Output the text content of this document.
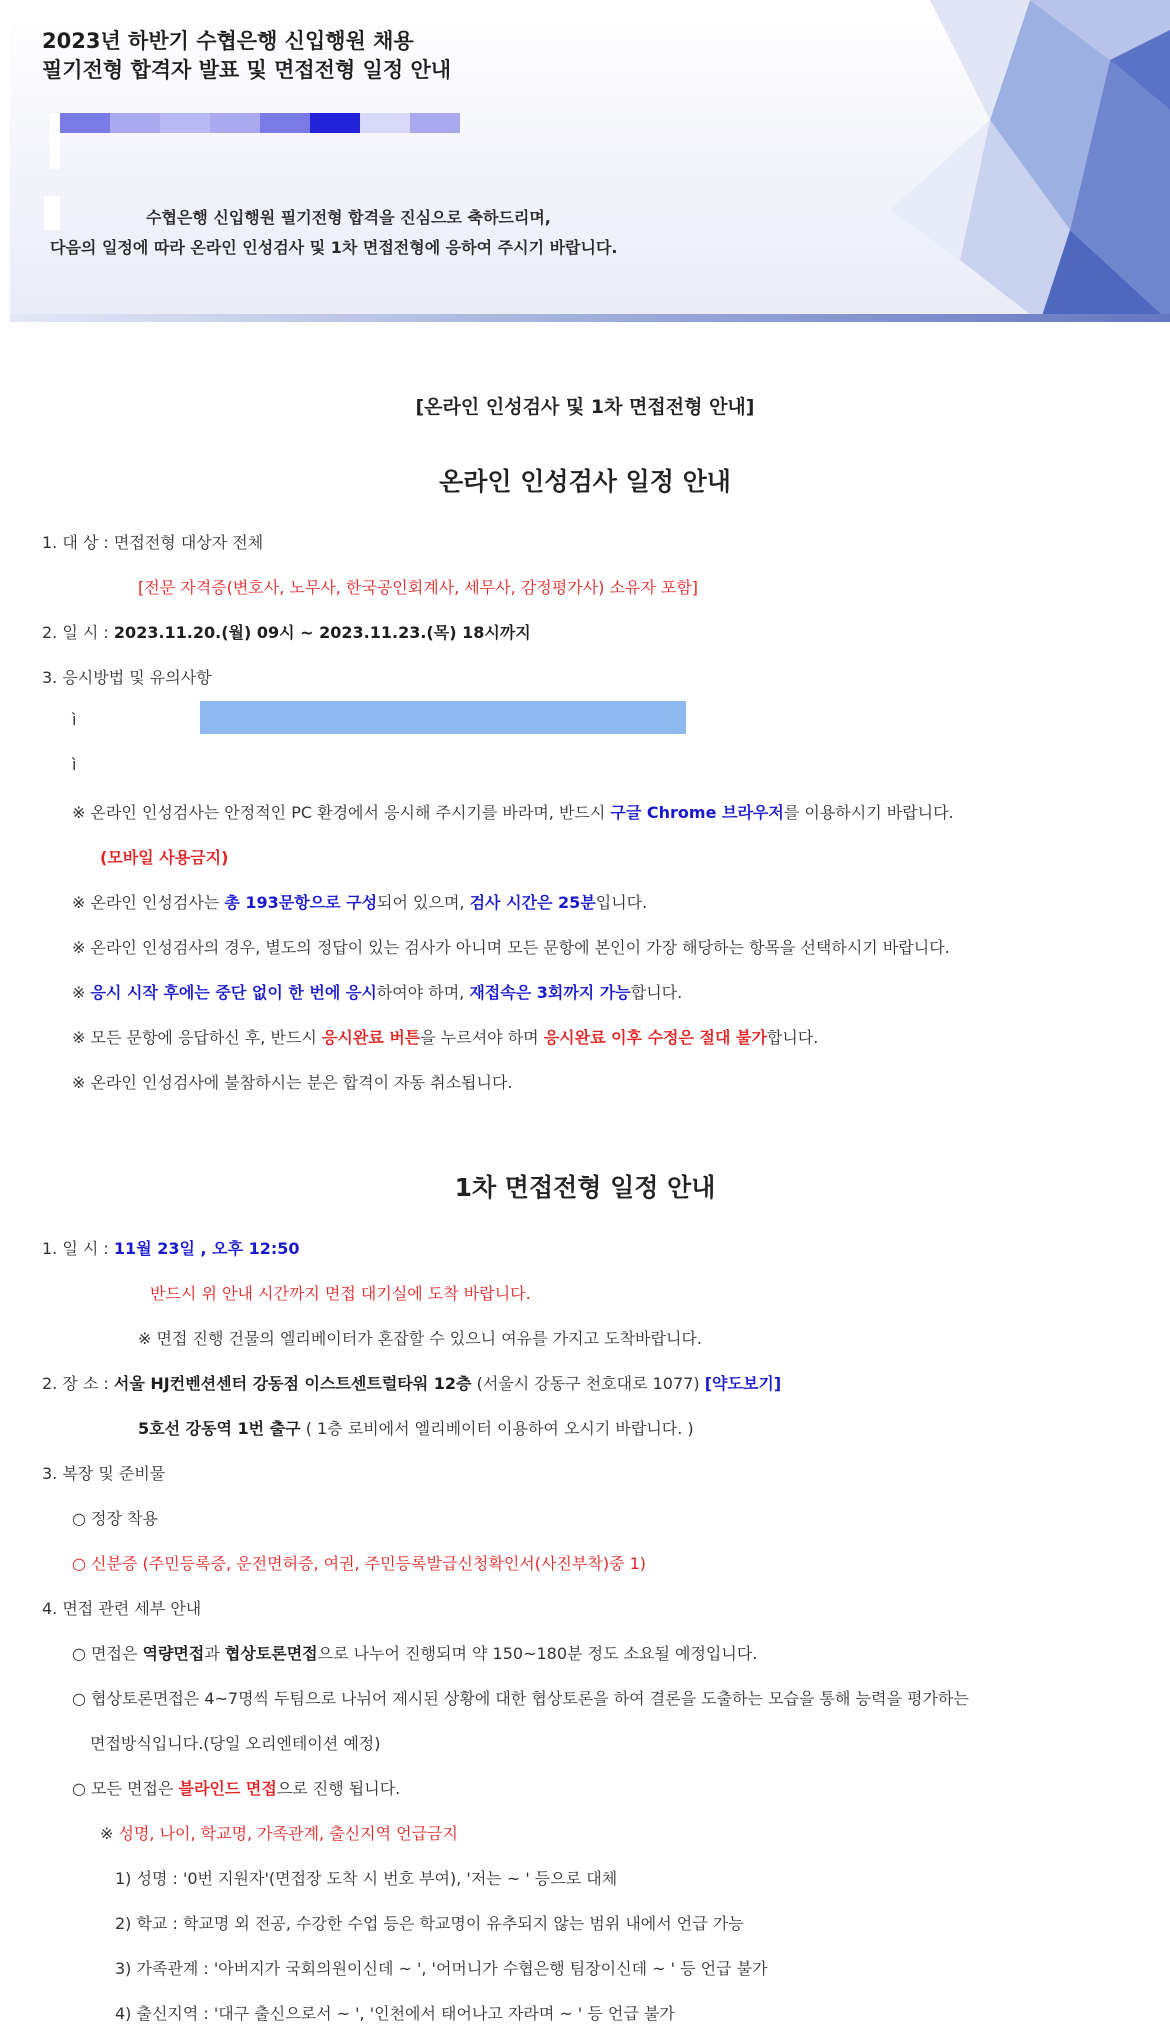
2023년 하반기 수협은행 신입행원 채용
필기전형 합격자 발표 및 면접전형 일정 안내

수협은행 신입행원 필기전형 합격을 진심으로 축하드리며,

다음의 일정에 따라 온라인 인성검사 및 1차 면접전형에 응하여 주시기 바랍니다.

[온라인 인성검사 및 1차 면접전형 안내]

온라인 인성검사 일정 안내

1. 대 상 : 면접전형 대상자 전체

[전문 자격증(변호사, 노무사, 한국공인회계사, 세무사, 감정평가사) 소유자 포함]

2. 일 시 : 2023.11.20.(월) 09시 ~ 2023.11.23.(목) 18시까지

3. 응시방법 및 유의사항

ì

ì

※ 온라인 인성검사는 안정적인 PC 환경에서 응시해 주시기를 바라며, 반드시 구글 Chrome 브라우저를 이용하시기 바랍니다.

(모바일 사용금지)

※ 온라인 인성검사는 총 193문항으로 구성되어 있으며, 검사 시간은 25분입니다.

※ 온라인 인성검사의 경우, 별도의 정답이 있는 검사가 아니며 모든 문항에 본인이 가장 해당하는 항목을 선택하시기 바랍니다.

※ 응시 시작 후에는 중단 없이 한 번에 응시하여야 하며, 재접속은 3회까지 가능합니다.

※ 모든 문항에 응답하신 후, 반드시 응시완료 버튼을 누르셔야 하며 응시완료 이후 수정은 절대 불가합니다.

※ 온라인 인성검사에 불참하시는 분은 합격이 자동 취소됩니다.

1차 면접전형 일정 안내

1. 일 시 : 11월 23일 , 오후 12:50

반드시 위 안내 시간까지 면접 대기실에 도착 바랍니다.

※ 면접 진행 건물의 엘리베이터가 혼잡할 수 있으니 여유를 가지고 도착바랍니다.

2. 장 소 : 서울 HJ컨벤션센터 강동점 이스트센트럴타워 12층 (서울시 강동구 천호대로 1077) [약도보기]

5호선 강동역 1번 출구 ( 1층 로비에서 엘리베이터 이용하여 오시기 바랍니다. )

3. 복장 및 준비물

○ 정장 착용

○ 신분증 (주민등록증, 운전면허증, 여권, 주민등록발급신청확인서(사진부착)중 1)

4. 면접 관련 세부 안내

○ 면접은 역량면접과 협상토론면접으로 나누어 진행되며 약 150~180분 정도 소요될 예정입니다.

○ 협상토론면접은 4~7명씩 두팀으로 나뉘어 제시된 상황에 대한 협상토론을 하여 결론을 도출하는 모습을 통해 능력을 평가하는

면접방식입니다.(당일 오리엔테이션 예정)

○ 모든 면접은 블라인드 면접으로 진행 됩니다.

※ 성명, 나이, 학교명, 가족관계, 출신지역 언급금지

1) 성명 : '0번 지원자'(면접장 도착 시 번호 부여), '저는 ~ ' 등으로 대체

2) 학교 : 학교명 외 전공, 수강한 수업 등은 학교명이 유추되지 않는 범위 내에서 언급 가능

3) 가족관계 : '아버지가 국회의원이신데 ~ ', '어머니가 수협은행 팀장이신데 ~ ' 등 언급 불가

4) 출신지역 : '대구 출신으로서 ~ ', '인천에서 태어나고 자라며 ~ ' 등 언급 불가
